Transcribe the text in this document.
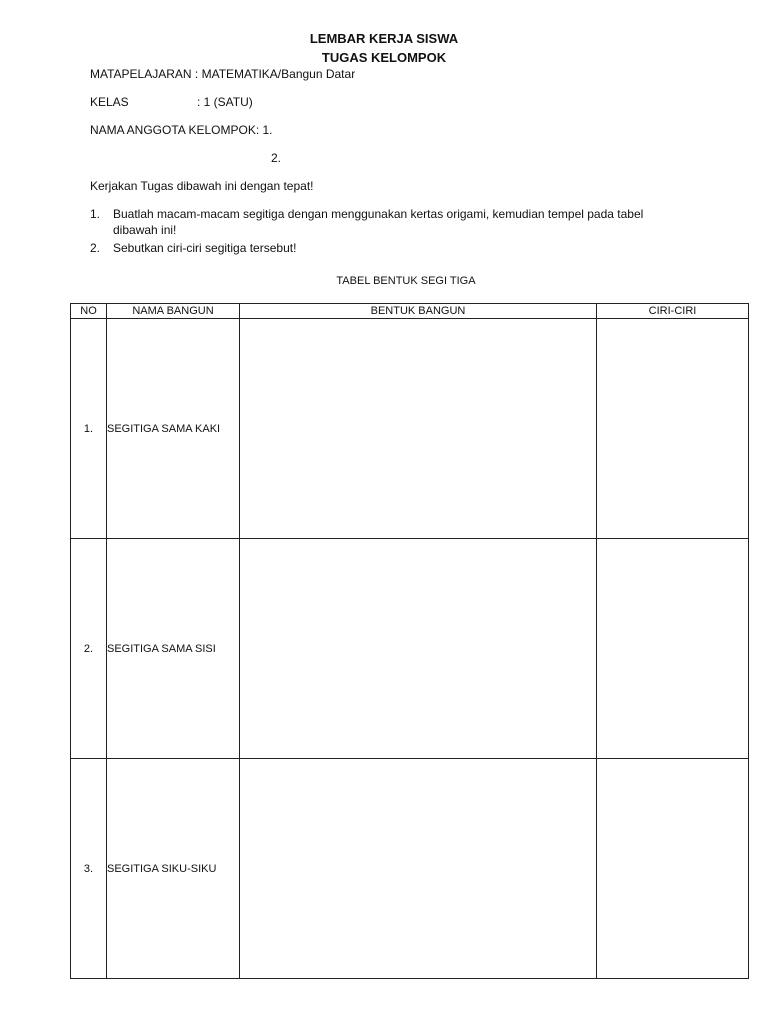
LEMBAR KERJA SISWA
TUGAS KELOMPOK
MATAPELAJARAN : MATEMATIKA/Bangun Datar
KELAS	: 1 (SATU)
NAMA ANGGOTA KELOMPOK: 1.
2.
Kerjakan Tugas dibawah ini dengan tepat!
1. Buatlah macam-macam segitiga dengan menggunakan kertas origami, kemudian tempel pada tabel dibawah ini!
2. Sebutkan ciri-ciri segitiga tersebut!
TABEL BENTUK SEGI TIGA
NO	NAMA BANGUN	BENTUK BANGUN	CIRI-CIRI
1.	SEGITIGA SAMA KAKI		
2.	SEGITIGA SAMA SISI		
3.	SEGITIGA SIKU-SIKU		
